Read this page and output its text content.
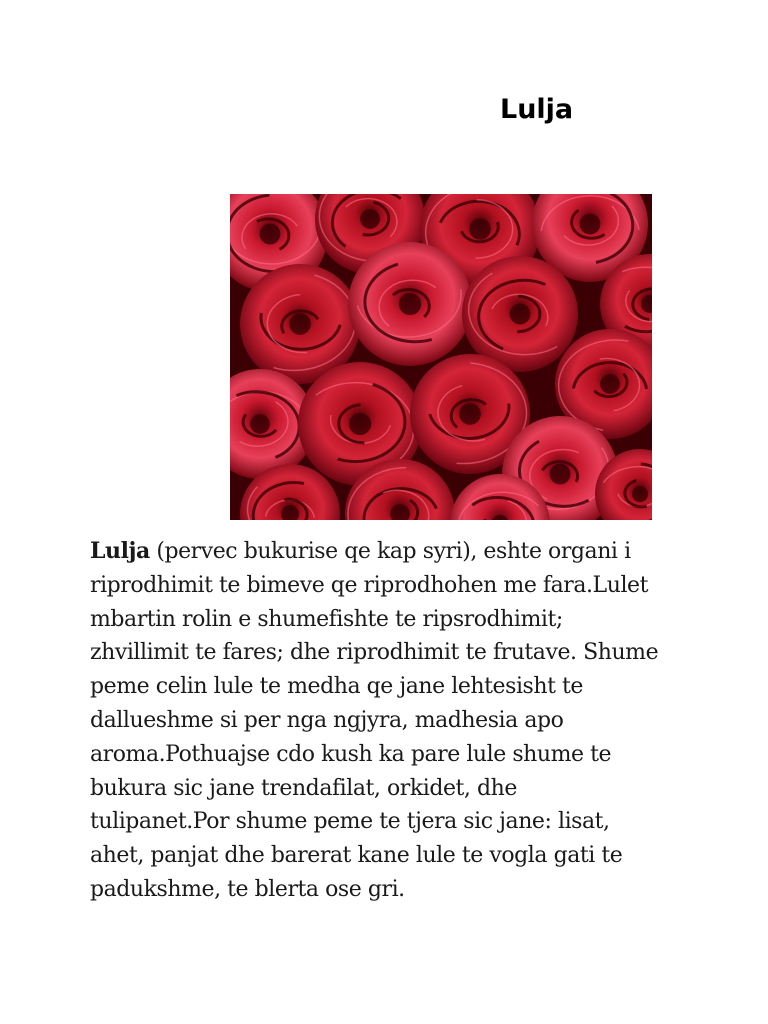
Lulja

Lulja (pervec bukurise qe kap syri), eshte organi i
riprodhimit te bimeve qe riprodhohen me fara.Lulet
mbartin rolin e shumefishte te ripsrodhimit;
zhvillimit te fares; dhe riprodhimit te frutave. Shume
peme celin lule te medha qe jane lehtesisht te
dallueshme si per nga ngjyra, madhesia apo
aroma.Pothuajse cdo kush ka pare lule shume te
bukura sic jane trendafilat, orkidet, dhe
tulipanet.Por shume peme te tjera sic jane: lisat,
ahet, panjat dhe barerat kane lule te vogla gati te
padukshme, te blerta ose gri.
